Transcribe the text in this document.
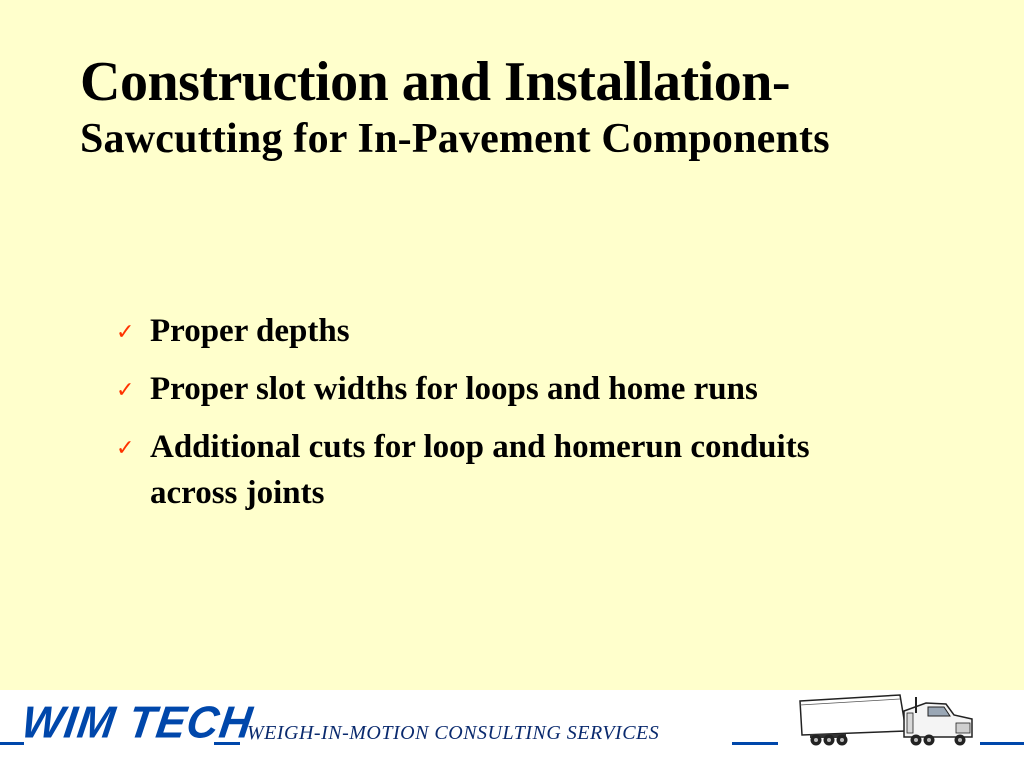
Construction and Installation-

Sawcutting for In-Pavement Components

✓ Proper depths
✓ Proper slot widths for loops and home runs
✓ Additional cuts for loop and homerun conduits across joints
WIM TECH
WEIGH-IN-MOTION CONSULTING SERVICES
